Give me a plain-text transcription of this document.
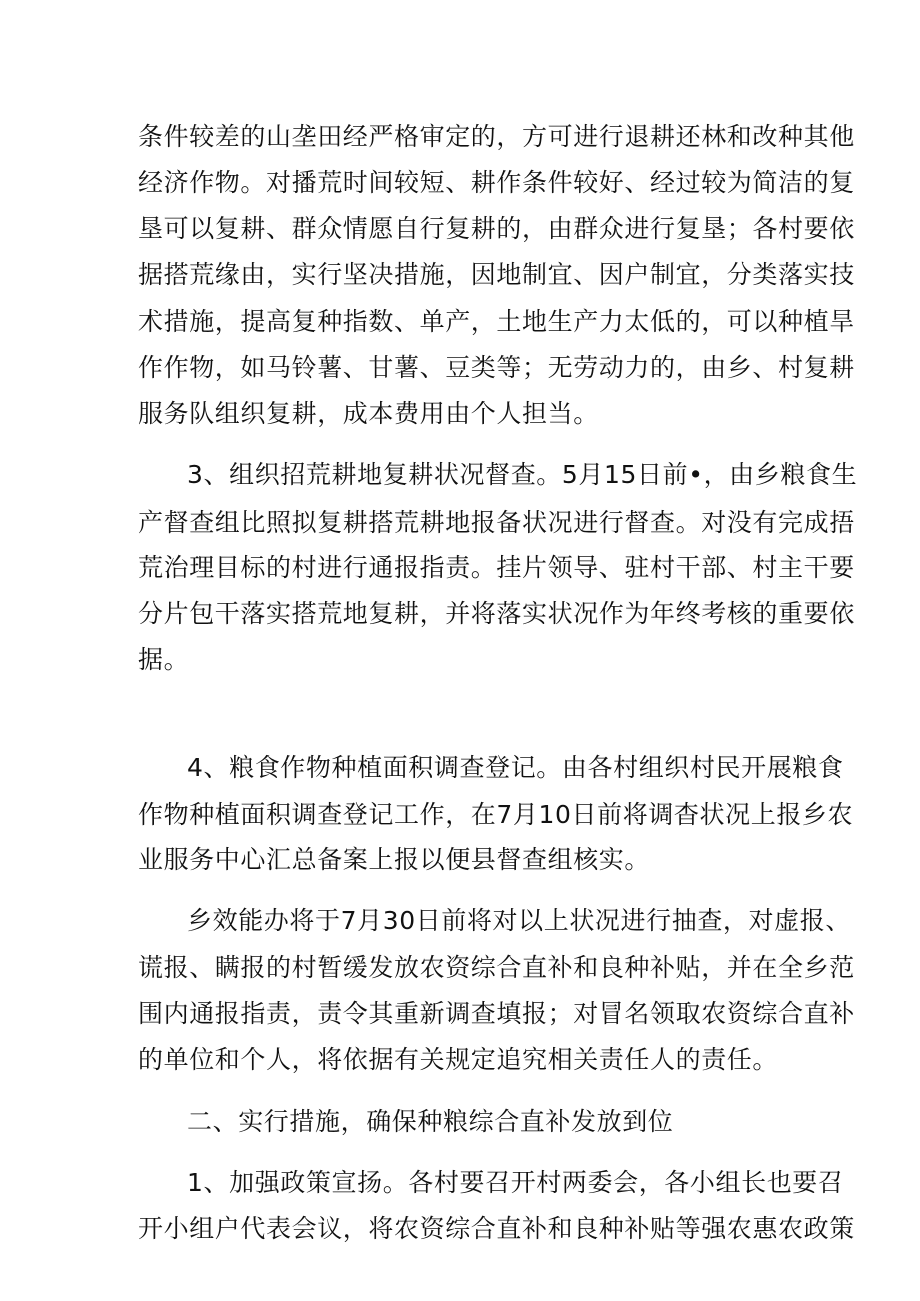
条件较差的山垄田经严格审定的，方可进行退耕还林和改种其他
经济作物。对播荒时间较短、耕作条件较好、经过较为简洁的复
垦可以复耕、群众情愿自行复耕的，由群众进行复垦；各村要依
据搭荒缘由，实行坚决措施，因地制宜、因户制宜，分类落实技
术措施，提高复种指数、单产，土地生产力太低的，可以种植旱
作作物，如马铃薯、甘薯、豆类等；无劳动力的，由乡、村复耕
服务队组织复耕，成本费用由个人担当。
3、组织招荒耕地复耕状况督查。5月15日前•，由乡粮食生
产督查组比照拟复耕搭荒耕地报备状况进行督查。对没有完成捂
荒治理目标的村进行通报指责。挂片领导、驻村干部、村主干要
分片包干落实搭荒地复耕，并将落实状况作为年终考核的重要依
据。
4、粮食作物种植面积调查登记。由各村组织村民开展粮食
作物种植面积调查登记工作，在7月10日前将调杳状况上报乡农
业服务中心汇总备案上报以便县督查组核实。
乡效能办将于7月30日前将对以上状况进行抽查，对虚报、
谎报、瞒报的村暂缓发放农资综合直补和良种补贴，并在全乡范
围内通报指责，责令其重新调查填报；对冒名领取农资综合直补
的单位和个人，将依据有关规定追究相关责任人的责任。
二、实行措施，确保种粮综合直补发放到位
1、加强政策宣扬。各村要召开村两委会，各小组长也要召
开小组户代表会议，将农资综合直补和良种补贴等强农惠农政策
